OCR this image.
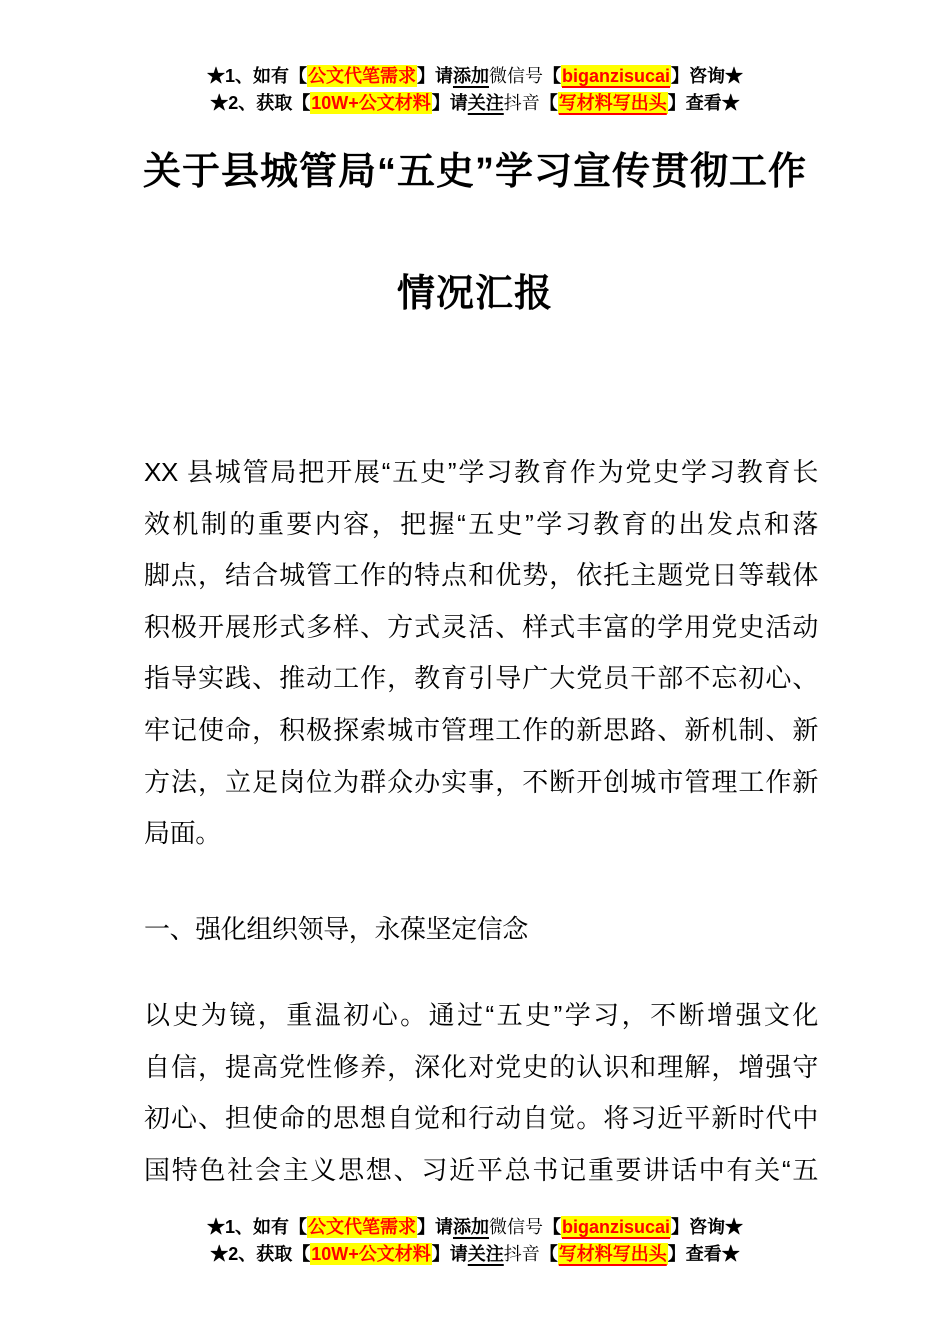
★1、如有【公文代笔需求】请添加微信号【biganzisucai】咨询★
★2、获取【10W+公文材料】请关注抖音【写材料写出头】查看★
关于县城管局“五史”学习宣传贯彻工作
情况汇报
XX 县城管局把开展“五史”学习教育作为党史学习教育长
效机制的重要内容，把握“五史”学习教育的出发点和落
脚点，结合城管工作的特点和优势，依托主题党日等载体
积极开展形式多样、方式灵活、样式丰富的学用党史活动
指导实践、推动工作，教育引导广大党员干部不忘初心、
牢记使命，积极探索城市管理工作的新思路、新机制、新
方法，立足岗位为群众办实事，不断开创城市管理工作新
局面。
一、强化组织领导，永葆坚定信念
以史为镜，重温初心。通过“五史”学习，不断增强文化
自信，提高党性修养，深化对党史的认识和理解，增强守
初心、担使命的思想自觉和行动自觉。将习近平新时代中
国特色社会主义思想、习近平总书记重要讲话中有关“五
★1、如有【公文代笔需求】请添加微信号【biganzisucai】咨询★
★2、获取【10W+公文材料】请关注抖音【写材料写出头】查看★
